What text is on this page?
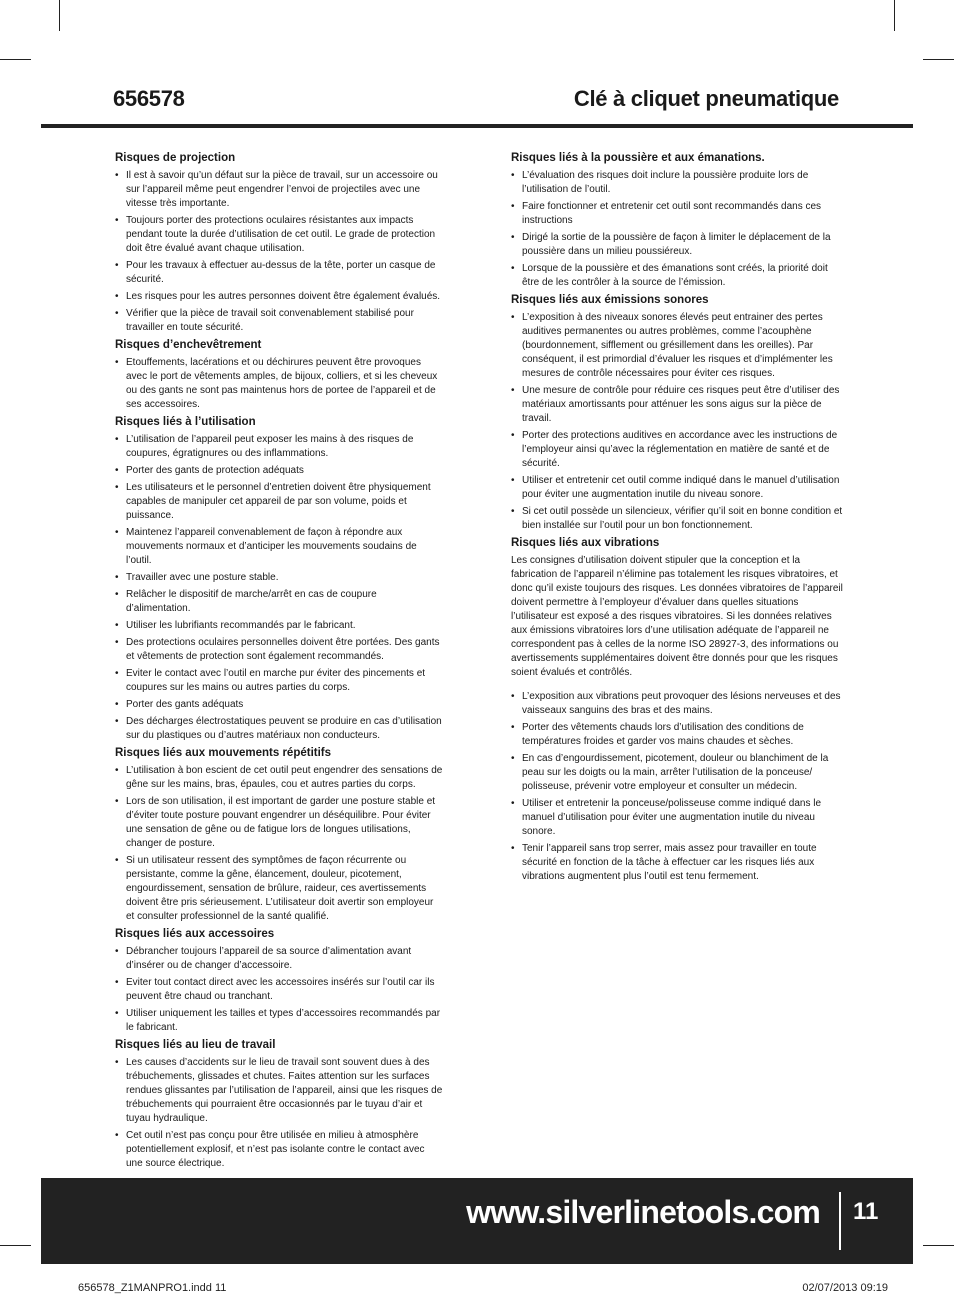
656578	Clé à cliquet pneumatique
Risques de projection
• Il est à savoir qu’un défaut sur la pièce de travail, sur un accessoire ou sur l’appareil même peut engendrer l’envoi de projectiles avec une vitesse très importante.
• Toujours porter des protections oculaires résistantes aux impacts pendant toute la durée d’utilisation de cet outil. Le grade de protection doit être évalué avant chaque utilisation.
• Pour les travaux à effectuer au-dessus de la tête, porter un casque de sécurité.
• Les risques pour les autres personnes doivent être également évalués.
• Vérifier que la pièce de travail soit convenablement stabilisé pour travailler en toute sécurité.
Risques d’enchevêtrement
• Etouffements, lacérations et ou déchirures peuvent être provoques avec le port de vêtements amples, de bijoux, colliers, et si les cheveux ou des gants ne sont pas maintenus hors de portee de l’appareil et de ses accessoires.
Risques liés à l’utilisation
• L’utilisation de l’appareil peut exposer les mains à des risques de coupures, égratignures ou des inflammations.
• Porter des gants de protection adéquats
• Les utilisateurs et le personnel d’entretien doivent être physiquement capables de manipuler cet appareil de par son volume, poids et puissance.
• Maintenez l’appareil convenablement de façon à répondre aux mouvements normaux et d’anticiper les mouvements soudains de l’outil.
• Travailler avec une posture stable.
• Relâcher le dispositif de marche/arrêt en cas de coupure d’alimentation.
• Utiliser les lubrifiants recommandés par le fabricant.
• Des protections oculaires personnelles doivent être portées. Des gants et vêtements de protection sont également recommandés.
• Eviter le contact avec l’outil en marche pur éviter des pincements et coupures sur les mains ou autres parties du corps.
• Porter des gants adéquats
• Des décharges électrostatiques peuvent se produire en cas d’utilisation sur du plastiques ou d’autres matériaux non conducteurs.
Risques liés aux mouvements répétitifs
• L’utilisation à bon escient de cet outil peut engendrer des sensations de gêne sur les mains, bras, épaules, cou et autres parties du corps.
• Lors de son utilisation, il est important de garder une posture stable et d’éviter toute posture pouvant engendrer un déséquilibre. Pour éviter une sensation de gêne ou de fatigue lors de longues utilisations, changer de posture.
• Si un utilisateur ressent des symptômes de façon récurrente ou persistante, comme la gêne, élancement, douleur, picotement, engourdissement, sensation de brûlure, raideur, ces avertissements doivent être pris sérieusement. L’utilisateur doit avertir son employeur et consulter professionnel de la santé qualifié.
Risques liés aux accessoires
• Débrancher toujours l’appareil de sa source d’alimentation avant d’insérer ou de changer d’accessoire.
• Eviter tout contact direct avec les accessoires insérés sur l’outil car ils peuvent être chaud ou tranchant.
• Utiliser uniquement les tailles et types d’accessoires recommandés par le fabricant.
Risques liés au lieu de travail
• Les causes d’accidents sur le lieu de travail sont souvent dues à des trébuchements, glissades et chutes. Faites attention sur les surfaces rendues glissantes par l’utilisation de l’appareil, ainsi que les risques de trébuchements qui pourraient être occasionnés par le tuyau d’air et tuyau hydraulique.
• Cet outil n’est pas conçu pour être utilisée en milieu à atmosphère potentiellement explosif, et n’est pas isolante contre le contact avec une source électrique.
Risques liés à la poussière et aux émanations.
• L’évaluation des risques doit inclure la poussière produite lors de l’utilisation de l’outil.
• Faire fonctionner et entretenir cet outil sont recommandés dans ces instructions
• Dirigé la sortie de la poussière de façon à limiter le déplacement de la poussière dans un milieu poussiéreux.
• Lorsque de la poussière et des émanations sont créés, la priorité doit être de les contrôler à la source de l’émission.
Risques liés aux émissions sonores
• L’exposition à des niveaux sonores élevés peut entrainer des pertes auditives permanentes ou autres problèmes, comme l’acouphène (bourdonnement, sifflement ou grésillement dans les oreilles). Par conséquent, il est primordial d’évaluer les risques et d’implémenter les mesures de contrôle nécessaires pour éviter ces risques.
• Une mesure de contrôle pour réduire ces risques peut être d’utiliser des matériaux amortissants pour atténuer les sons aigus sur la pièce de travail.
• Porter des protections auditives en accordance avec les instructions de l’employeur ainsi qu’avec la réglementation en matière de santé et de sécurité.
• Utiliser et entretenir cet outil comme indiqué dans le manuel d’utilisation pour éviter une augmentation inutile du niveau sonore.
• Si cet outil possède un silencieux, vérifier qu’il soit en bonne condition et bien installée sur l’outil pour un bon fonctionnement.
Risques liés aux vibrations

Les consignes d’utilisation doivent stipuler que la conception et la fabrication de l’appareil n’élimine pas totalement les risques vibratoires, et donc qu’il existe toujours des risques. Les données vibratoires de l’appareil doivent permettre à l’employeur d’évaluer dans quelles situations l’utilisateur est exposé a des risques vibratoires. Si les données relatives aux émissions vibratoires lors d’une utilisation adéquate de l’appareil ne correspondent pas à celles de la norme ISO 28927-3, des informations ou avertissements supplémentaires doivent être donnés pour que les risques soient évalués et contrôlés.

• L’exposition aux vibrations peut provoquer des lésions nerveuses et des vaisseaux sanguins des bras et des mains.
• Porter des vêtements chauds lors d’utilisation des conditions de températures froides et garder vos mains chaudes et sèches.
• En cas d’engourdissement, picotement, douleur ou blanchiment de la peau sur les doigts ou la main, arrêter l’utilisation de la ponceuse/ polisseuse, prévenir votre employeur et consulter un médecin.
• Utiliser et entretenir la ponceuse/polisseuse comme indiqué dans le manuel d’utilisation pour éviter une augmentation inutile du niveau sonore.
• Tenir l’appareil sans trop serrer, mais assez pour travailler en toute sécurité en fonction de la tâche à effectuer car les risques liés aux vibrations augmentent plus l’outil est tenu fermement.
www.silverlinetools.com 11
656578_Z1MANPRO1.indd 11	02/07/2013 09:19
